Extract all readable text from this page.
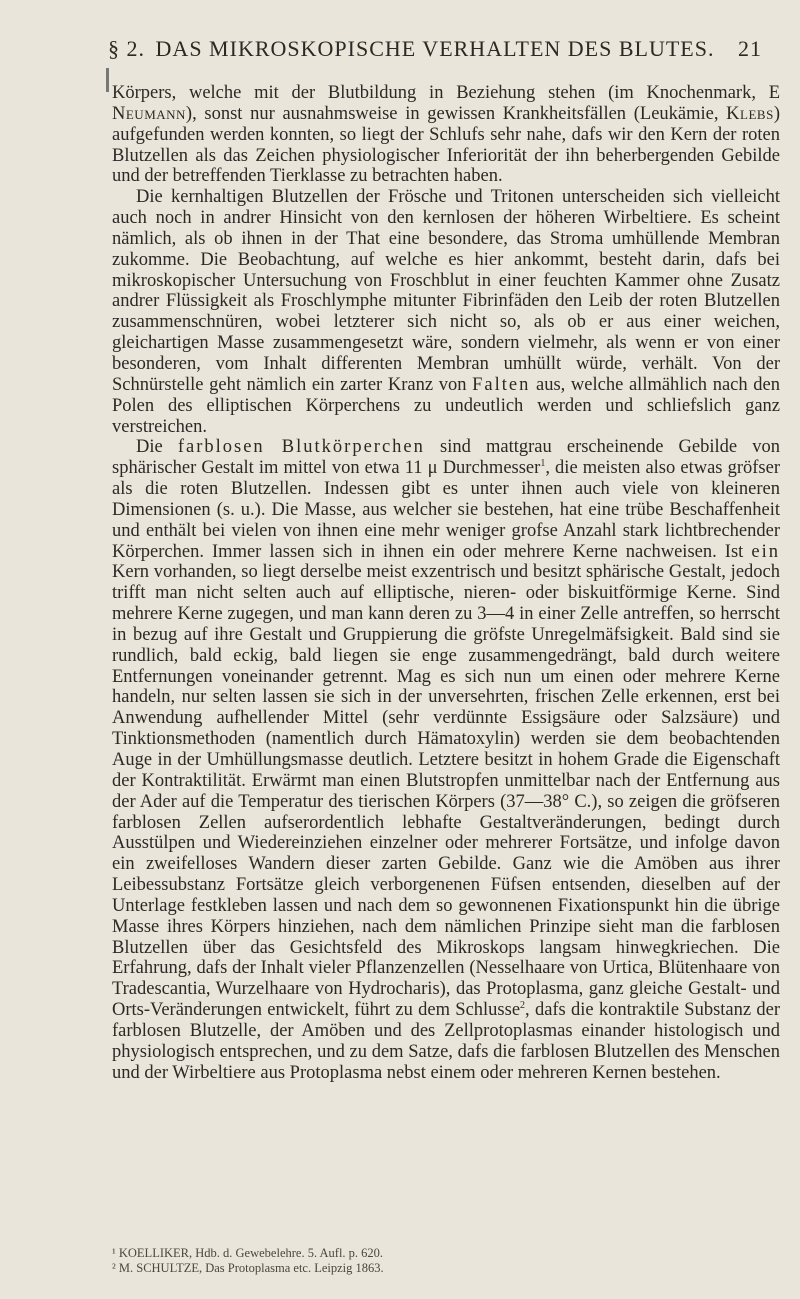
§ 2. DAS MIKROSKOPISCHE VERHALTEN DES BLUTES.	21

Körpers, welche mit der Blutbildung in Beziehung stehen (im Knochenmark, E Neumann), sonst nur ausnahmsweise in gewissen Krankheitsfällen (Leukämie, Klebs) aufgefunden werden konnten, so liegt der Schlufs sehr nahe, dafs wir den Kern der roten Blutzellen als das Zeichen physiologischer Inferiorität der ihn beherbergenden Gebilde und der betreffenden Tierklasse zu betrachten haben.

Die kernhaltigen Blutzellen der Frösche und Tritonen unterscheiden sich vielleicht auch noch in andrer Hinsicht von den kernlosen der höheren Wirbeltiere. Es scheint nämlich, als ob ihnen in der That eine besondere, das Stroma umhüllende Membran zukomme. Die Beobachtung, auf welche es hier ankommt, besteht darin, dafs bei mikroskopischer Untersuchung von Froschblut in einer feuchten Kammer ohne Zusatz andrer Flüssigkeit als Froschlymphe mitunter Fibrinfäden den Leib der roten Blutzellen zusammenschnüren, wobei letzterer sich nicht so, als ob er aus einer weichen, gleichartigen Masse zusammengesetzt wäre, sondern vielmehr, als wenn er von einer besonderen, vom Inhalt differenten Membran umhüllt würde, verhält. Von der Schnürstelle geht nämlich ein zarter Kranz von Falten aus, welche allmählich nach den Polen des elliptischen Körperchens zu undeutlich werden und schliefslich ganz verstreichen.

Die farblosen Blutkörperchen sind mattgrau erscheinende Gebilde von sphärischer Gestalt im mittel von etwa 11 μ Durchmesser$^1$, die meisten also etwas gröfser als die roten Blutzellen. Indessen gibt es unter ihnen auch viele von kleineren Dimensionen (s. u.). Die Masse, aus welcher sie bestehen, hat eine trübe Beschaffenheit und enthält bei vielen von ihnen eine mehr weniger grofse Anzahl stark lichtbrechender Körperchen. Immer lassen sich in ihnen ein oder mehrere Kerne nachweisen. Ist ein Kern vorhanden, so liegt derselbe meist exzentrisch und besitzt sphärische Gestalt, jedoch trifft man nicht selten auch auf elliptische, nieren- oder biskuitförmige Kerne. Sind mehrere Kerne zugegen, und man kann deren zu 3—4 in einer Zelle antreffen, so herrscht in bezug auf ihre Gestalt und Gruppierung die gröfste Unregelmäfsigkeit. Bald sind sie rundlich, bald eckig, bald liegen sie enge zusammengedrängt, bald durch weitere Entfernungen voneinander getrennt. Mag es sich nun um einen oder mehrere Kerne handeln, nur selten lassen sie sich in der unversehrten, frischen Zelle erkennen, erst bei Anwendung aufhellender Mittel (sehr verdünnte Essigsäure oder Salzsäure) und Tinktionsmethoden (namentlich durch Hämatoxylin) werden sie dem beobachtenden Auge in der Umhüllungsmasse deutlich. Letztere besitzt in hohem Grade die Eigenschaft der Kontraktilität. Erwärmt man einen Blutstropfen unmittelbar nach der Entfernung aus der Ader auf die Temperatur des tierischen Körpers (37—38° C.), so zeigen die gröfseren farblosen Zellen aufserordentlich lebhafte Gestaltveränderungen, bedingt durch Ausstülpen und Wiedereinziehen einzelner oder mehrerer Fortsätze, und infolge davon ein zweifelloses Wandern dieser zarten Gebilde. Ganz wie die Amöben aus ihrer Leibessubstanz Fortsätze gleich verborgenenen Füfsen entsenden, dieselben auf der Unterlage festkleben lassen und nach dem so gewonnenen Fixationspunkt hin die übrige Masse ihres Körpers hinziehen, nach dem nämlichen Prinzipe sieht man die farblosen Blutzellen über das Gesichtsfeld des Mikroskops langsam hinwegkriechen. Die Erfahrung, dafs der Inhalt vieler Pflanzenzellen (Nesselhaare von Urtica, Blütenhaare von Tradescantia, Wurzelhaare von Hydrocharis), das Protoplasma, ganz gleiche Gestalt- und Orts-Veränderungen entwickelt, führt zu dem Schlusse$^2$, dafs die kontraktile Substanz der farblosen Blutzelle, der Amöben und des Zellprotoplasmas einander histologisch und physiologisch entsprechen, und zu dem Satze, dafs die farblosen Blutzellen des Menschen und der Wirbeltiere aus Protoplasma nebst einem oder mehreren Kernen bestehen.

¹ KOELLIKER, Hdb. d. Gewebelehre. 5. Aufl. p. 620.
² M. SCHULTZE, Das Protoplasma etc. Leipzig 1863.
